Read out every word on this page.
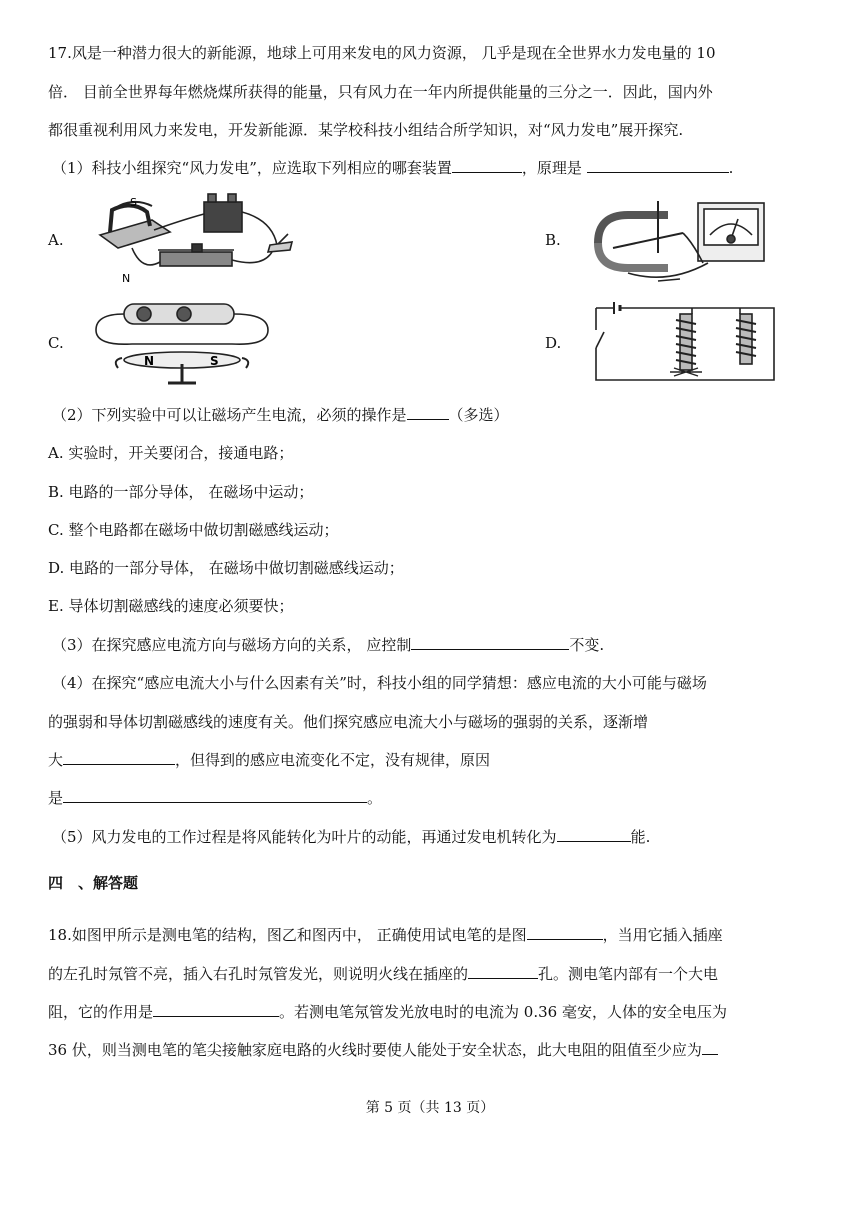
17.风是一种潜力很大的新能源，地球上可用来发电的风力资源， 几乎是现在全世界水力发电量的 10
倍． 目前全世界每年燃烧煤所获得的能量，只有风力在一年内所提供能量的三分之一．因此，国内外
都很重视利用风力来发电，开发新能源．某学校科技小组结合所学知识，对“风力发电”展开探究.
（1）科技小组探究“风力发电”，应选取下列相应的哪套装置	，原理是	.
A.	B.
C.	D.
S
N
N	S
（2）下列实验中可以让磁场产生电流，必须的操作是	（多选）
A. 实验时，开关要闭合，接通电路；
B. 电路的一部分导体， 在磁场中运动；
C. 整个电路都在磁场中做切割磁感线运动；
D. 电路的一部分导体， 在磁场中做切割磁感线运动；
E. 导体切割磁感线的速度必须要快；
（3）在探究感应电流方向与磁场方向的关系， 应控制	不变.
（4）在探究“感应电流大小与什么因素有关”时，科技小组的同学猜想：感应电流的大小可能与磁场
的强弱和导体切割磁感线的速度有关。他们探究感应电流大小与磁场的强弱的关系，逐渐增
大	，但得到的感应电流变化不定，没有规律，原因
是	。
（5）风力发电的工作过程是将风能转化为叶片的动能，再通过发电机转化为	能.
四　、解答题
18.如图甲所示是测电笔的结构，图乙和图丙中， 正确使用试电笔的是图	，当用它插入插座
的左孔时氖管不亮，插入右孔时氖管发光，则说明火线在插座的	孔。测电笔内部有一个大电
阻，它的作用是	。若测电笔氖管发光放电时的电流为 0.36 毫安，人体的安全电压为
36 伏，则当测电笔的笔尖接触家庭电路的火线时要使人能处于安全状态，此大电阻的阻值至少应为
第 5 页（共 13 页）
